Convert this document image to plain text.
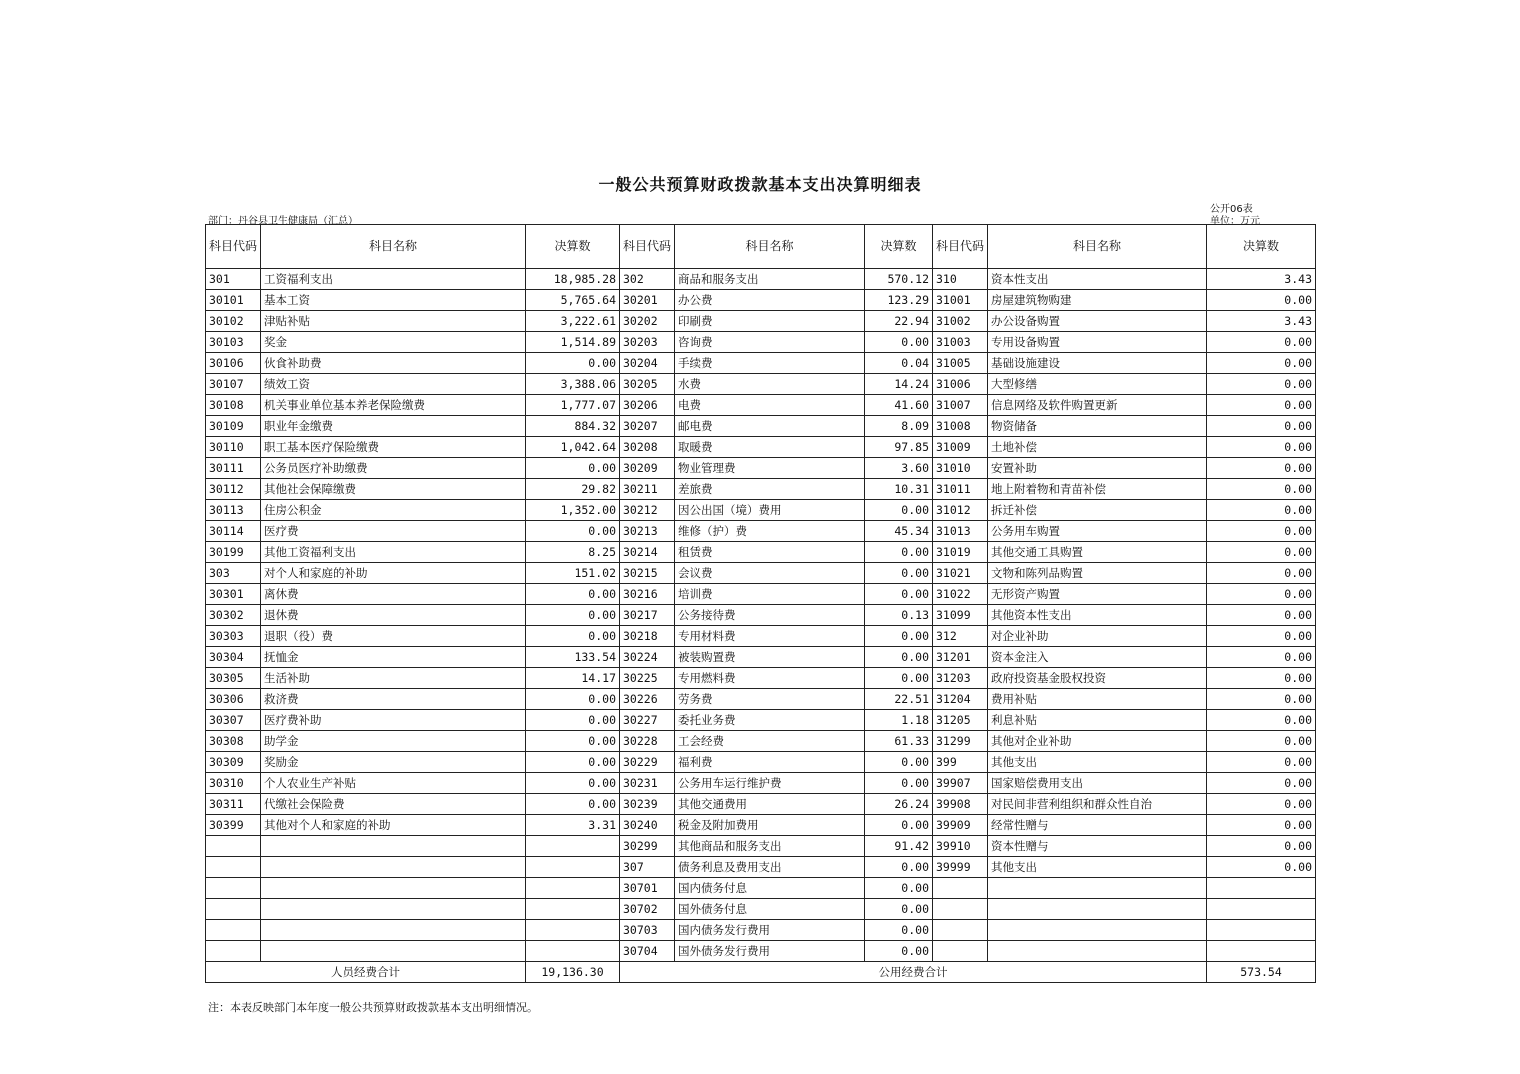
一般公共预算财政拨款基本支出决算明细表
公开06表
单位：万元
部门：丹谷县卫生健康局（汇总）
科目代码	科目名称	决算数	科目代码	科目名称	决算数	科目代码	科目名称	决算数
301	工资福利支出	18,985.28	302	商品和服务支出	570.12	310	资本性支出	3.43
30101	基本工资	5,765.64	30201	办公费	123.29	31001	房屋建筑物购建	0.00
30102	津贴补贴	3,222.61	30202	印刷费	22.94	31002	办公设备购置	3.43
30103	奖金	1,514.89	30203	咨询费	0.00	31003	专用设备购置	0.00
30106	伙食补助费	0.00	30204	手续费	0.04	31005	基础设施建设	0.00
30107	绩效工资	3,388.06	30205	水费	14.24	31006	大型修缮	0.00
30108	机关事业单位基本养老保险缴费	1,777.07	30206	电费	41.60	31007	信息网络及软件购置更新	0.00
30109	职业年金缴费	884.32	30207	邮电费	8.09	31008	物资储备	0.00
30110	职工基本医疗保险缴费	1,042.64	30208	取暖费	97.85	31009	土地补偿	0.00
30111	公务员医疗补助缴费	0.00	30209	物业管理费	3.60	31010	安置补助	0.00
30112	其他社会保障缴费	29.82	30211	差旅费	10.31	31011	地上附着物和青苗补偿	0.00
30113	住房公积金	1,352.00	30212	因公出国（境）费用	0.00	31012	拆迁补偿	0.00
30114	医疗费	0.00	30213	维修（护）费	45.34	31013	公务用车购置	0.00
30199	其他工资福利支出	8.25	30214	租赁费	0.00	31019	其他交通工具购置	0.00
303	对个人和家庭的补助	151.02	30215	会议费	0.00	31021	文物和陈列品购置	0.00
30301	离休费	0.00	30216	培训费	0.00	31022	无形资产购置	0.00
30302	退休费	0.00	30217	公务接待费	0.13	31099	其他资本性支出	0.00
30303	退职（役）费	0.00	30218	专用材料费	0.00	312	对企业补助	0.00
30304	抚恤金	133.54	30224	被装购置费	0.00	31201	资本金注入	0.00
30305	生活补助	14.17	30225	专用燃料费	0.00	31203	政府投资基金股权投资	0.00
30306	救济费	0.00	30226	劳务费	22.51	31204	费用补贴	0.00
30307	医疗费补助	0.00	30227	委托业务费	1.18	31205	利息补贴	0.00
30308	助学金	0.00	30228	工会经费	61.33	31299	其他对企业补助	0.00
30309	奖励金	0.00	30229	福利费	0.00	399	其他支出	0.00
30310	个人农业生产补贴	0.00	30231	公务用车运行维护费	0.00	39907	国家赔偿费用支出	0.00
30311	代缴社会保险费	0.00	30239	其他交通费用	26.24	39908	对民间非营利组织和群众性自治	0.00
30399	其他对个人和家庭的补助	3.31	30240	税金及附加费用	0.00	39909	经常性赠与	0.00
			30299	其他商品和服务支出	91.42	39910	资本性赠与	0.00
			307	债务利息及费用支出	0.00	39999	其他支出	0.00
			30701	国内债务付息	0.00			
			30702	国外债务付息	0.00			
			30703	国内债务发行费用	0.00			
			30704	国外债务发行费用	0.00			
人员经费合计		19,136.30	公用经费合计					573.54
注：本表反映部门本年度一般公共预算财政拨款基本支出明细情况。
